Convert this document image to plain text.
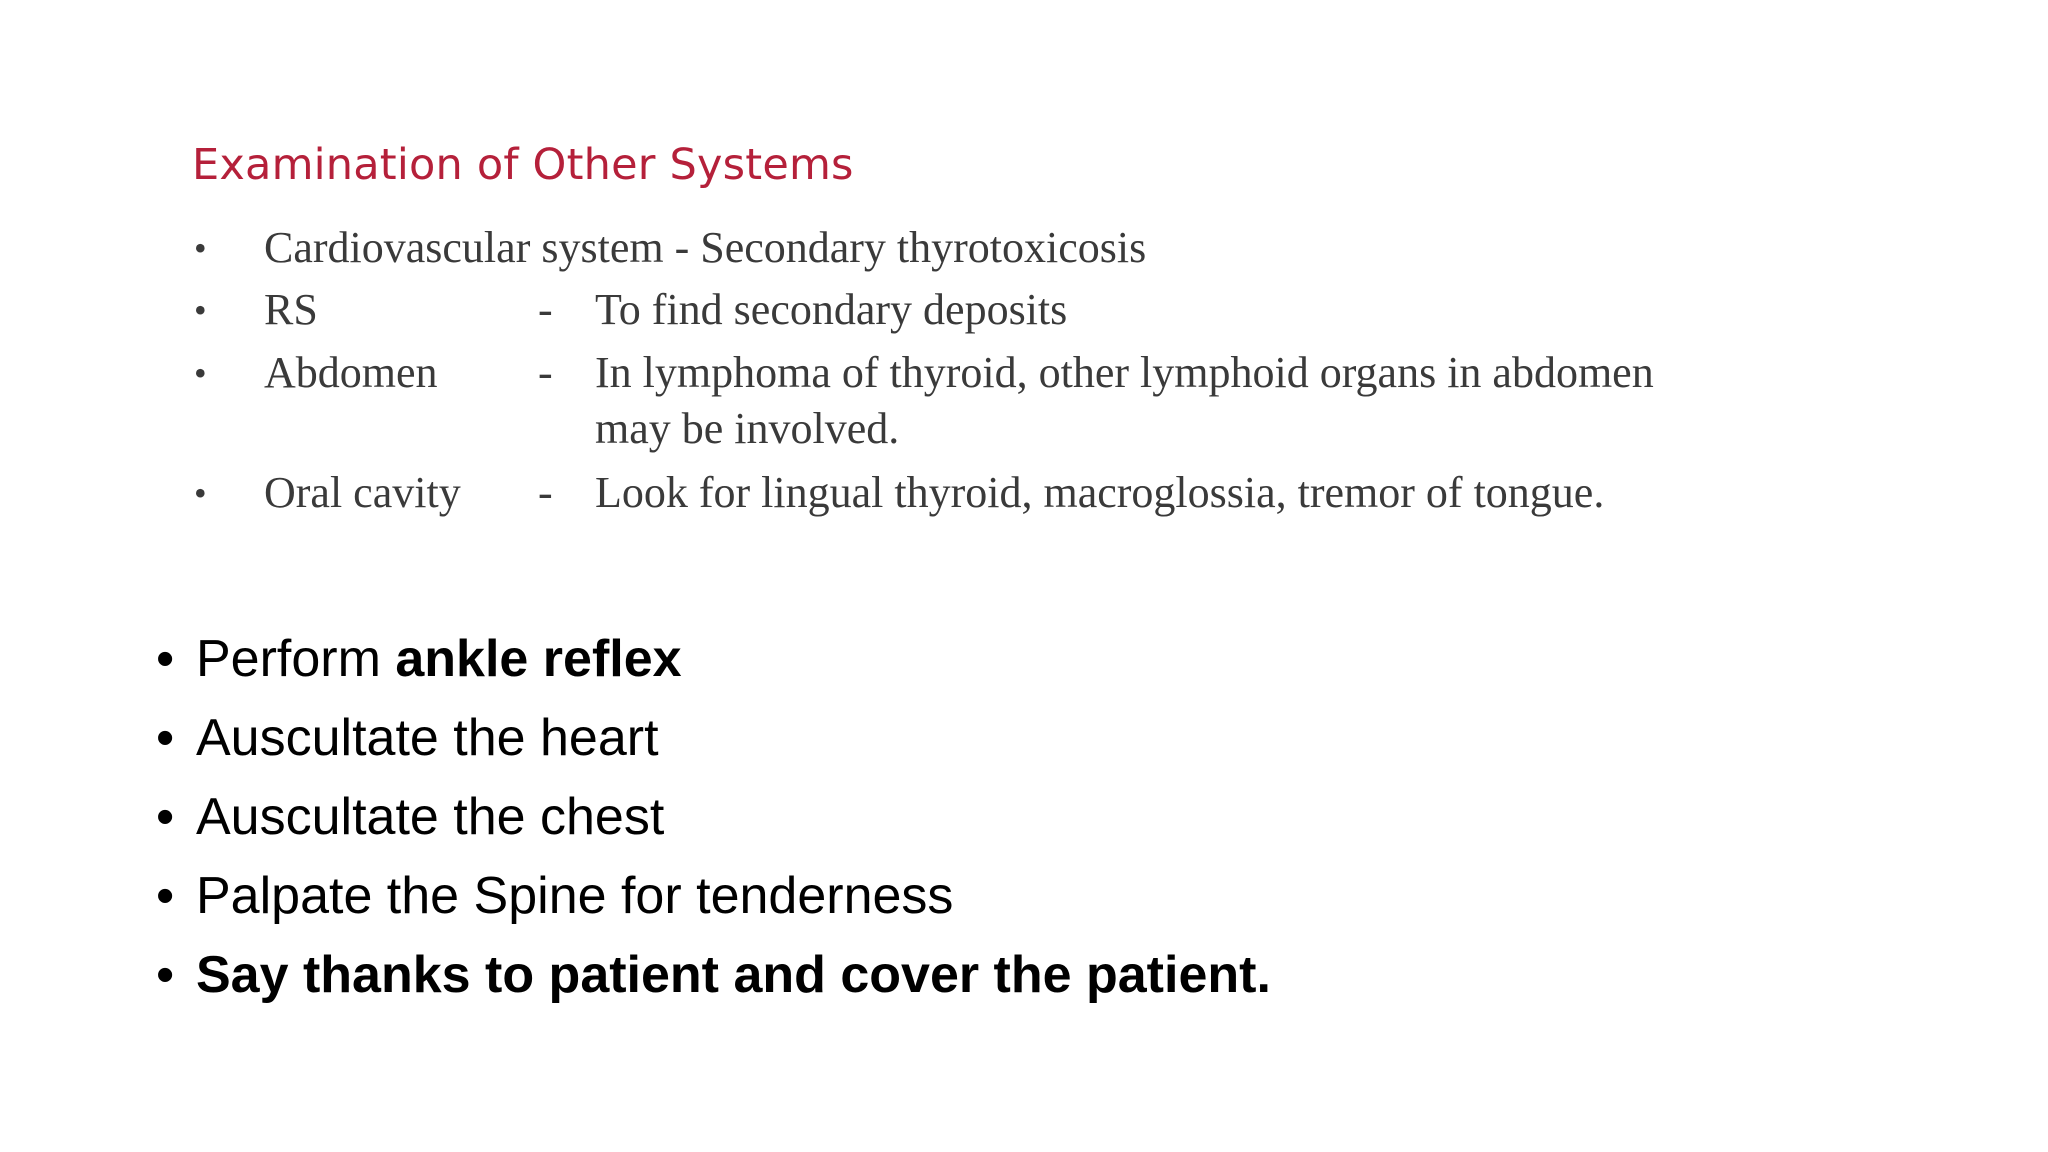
Examination of Other Systems
• Cardiovascular system - Secondary thyrotoxicosis
• RS	- To find secondary deposits
• Abdomen - In lymphoma of thyroid, other lymphoid organs in abdomen
may be involved.
• Oral cavity - Look for lingual thyroid, macroglossia, tremor of tongue.
• Perform ankle reflex
• Auscultate the heart
• Auscultate the chest
• Palpate the Spine for tenderness
• Say thanks to patient and cover the patient.
